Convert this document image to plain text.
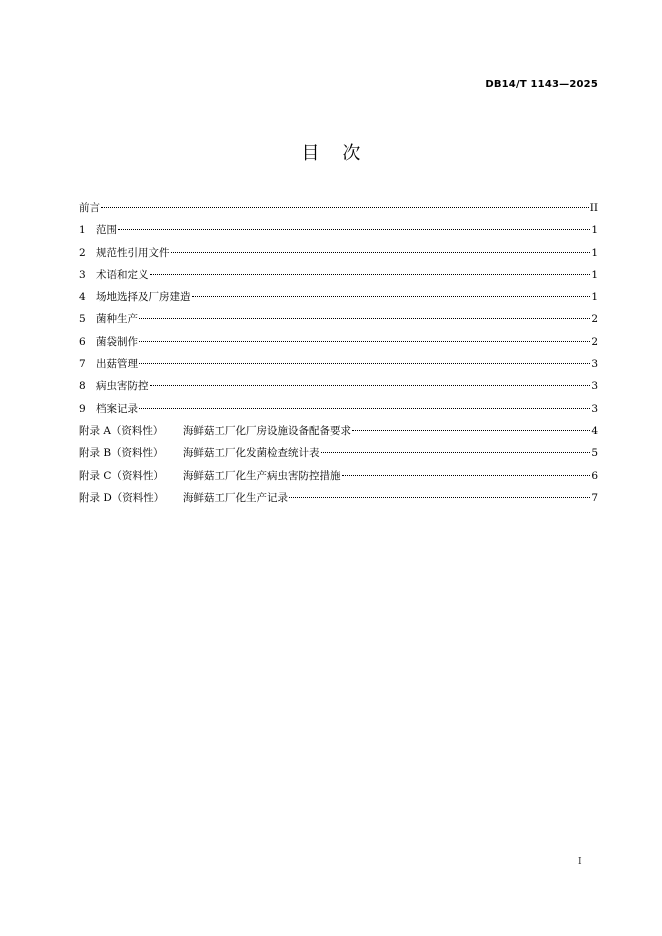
DB14/T 1143—2025
目    次
前言	II
1 范围	1
2 规范性引用文件	1
3 术语和定义	1
4 场地选择及厂房建造	1
5 菌种生产	2
6 菌袋制作	2
7 出菇管理	3
8 病虫害防控	3
9 档案记录	3
附录 A（资料性）	海鲜菇工厂化厂房设施设备配备要求	4
附录 B（资料性）	海鲜菇工厂化发菌检查统计表	5
附录 C（资料性）	海鲜菇工厂化生产病虫害防控措施	6
附录 D（资料性）	海鲜菇工厂化生产记录	7
I
